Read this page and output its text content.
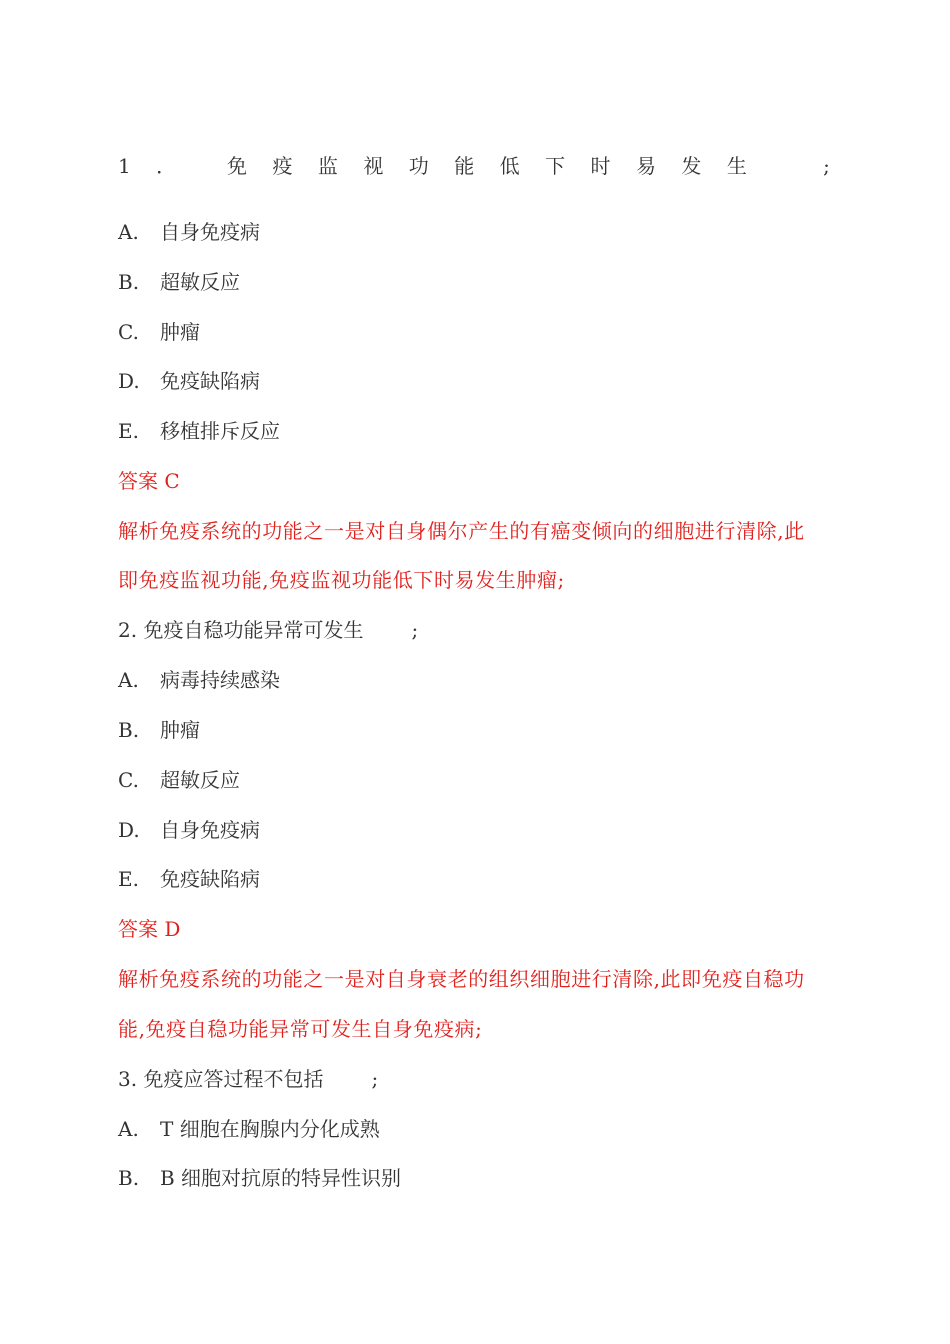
1 ．	免 疫 监 视 功 能 低 下 时 易 发 生	;
A. 自身免疫病
B. 超敏反应
C. 肿瘤
D. 免疫缺陷病
E. 移植排斥反应
答案 C
解析免疫系统的功能之一是对自身偶尔产生的有癌变倾向的细胞进行清除,此
即免疫监视功能,免疫监视功能低下时易发生肿瘤;
2. 免疫自稳功能异常可发生 ;
A. 病毒持续感染
B. 肿瘤
C. 超敏反应
D. 自身免疫病
E. 免疫缺陷病
答案 D
解析免疫系统的功能之一是对自身衰老的组织细胞进行清除,此即免疫自稳功
能,免疫自稳功能异常可发生自身免疫病;
3. 免疫应答过程不包括 ;
A. T 细胞在胸腺内分化成熟
B. B 细胞对抗原的特异性识别
